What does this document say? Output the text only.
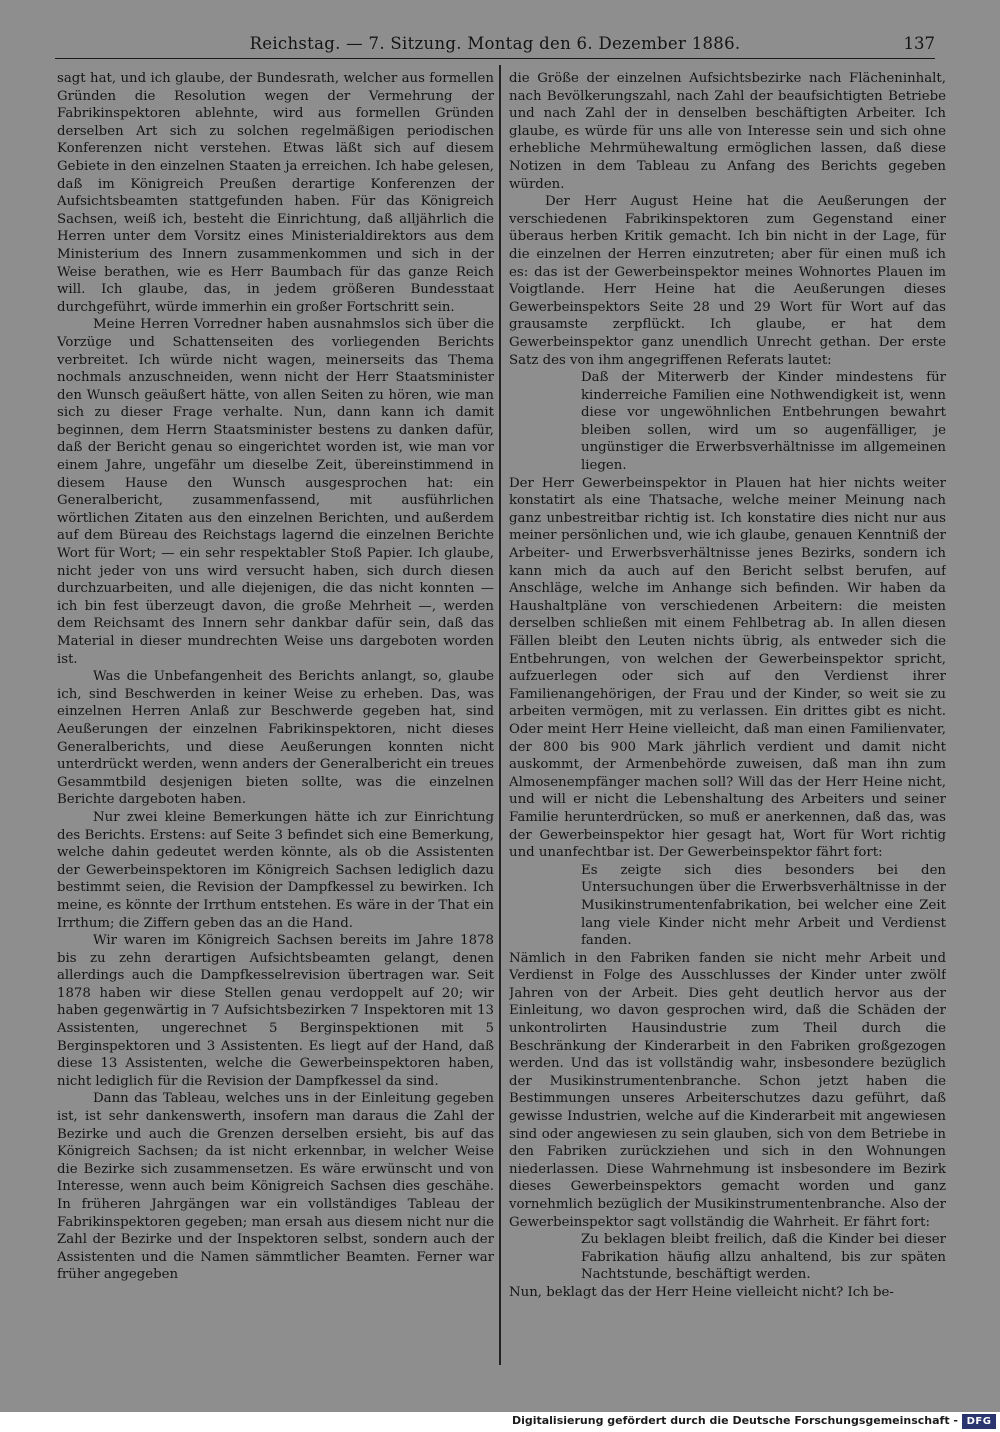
Reichstag. — 7. Sitzung. Montag den 6. Dezember 1886.	137

sagt hat, und ich glaube, der Bundesrath, welcher aus formellen Gründen die Resolution wegen der Vermehrung der Fabrikinspektoren ablehnte, wird aus formellen Gründen derselben Art sich zu solchen regelmäßigen periodischen Konferenzen nicht verstehen. Etwas läßt sich auf diesem Gebiete in den einzelnen Staaten ja erreichen. Ich habe gelesen, daß im Königreich Preußen derartige Konferenzen der Aufsichtsbeamten stattgefunden haben. Für das Königreich Sachsen, weiß ich, besteht die Einrichtung, daß alljährlich die Herren unter dem Vorsitz eines Ministerialdirektors aus dem Ministerium des Innern zusammenkommen und sich in der Weise berathen, wie es Herr Baumbach für das ganze Reich will. Ich glaube, das, in jedem größeren Bundesstaat durchgeführt, würde immerhin ein großer Fortschritt sein.

Meine Herren Vorredner haben ausnahmslos sich über die Vorzüge und Schattenseiten des vorliegenden Berichts verbreitet. Ich würde nicht wagen, meinerseits das Thema nochmals anzuschneiden, wenn nicht der Herr Staatsminister den Wunsch geäußert hätte, von allen Seiten zu hören, wie man sich zu dieser Frage verhalte. Nun, dann kann ich damit beginnen, dem Herrn Staatsminister bestens zu danken dafür, daß der Bericht genau so eingerichtet worden ist, wie man vor einem Jahre, ungefähr um dieselbe Zeit, übereinstimmend in diesem Hause den Wunsch ausgesprochen hat: ein Generalbericht, zusammenfassend, mit ausführlichen wörtlichen Zitaten aus den einzelnen Berichten, und außerdem auf dem Büreau des Reichstags lagernd die einzelnen Berichte Wort für Wort; — ein sehr respektabler Stoß Papier. Ich glaube, nicht jeder von uns wird versucht haben, sich durch diesen durchzuarbeiten, und alle diejenigen, die das nicht konnten — ich bin fest überzeugt davon, die große Mehrheit —, werden dem Reichsamt des Innern sehr dankbar dafür sein, daß das Material in dieser mundrechten Weise uns dargeboten worden ist.

Was die Unbefangenheit des Berichts anlangt, so, glaube ich, sind Beschwerden in keiner Weise zu erheben. Das, was einzelnen Herren Anlaß zur Beschwerde gegeben hat, sind Aeußerungen der einzelnen Fabrikinspektoren, nicht dieses Generalberichts, und diese Aeußerungen konnten nicht unterdrückt werden, wenn anders der Generalbericht ein treues Gesammtbild desjenigen bieten sollte, was die einzelnen Berichte dargeboten haben.

Nur zwei kleine Bemerkungen hätte ich zur Einrichtung des Berichts. Erstens: auf Seite 3 befindet sich eine Bemerkung, welche dahin gedeutet werden könnte, als ob die Assistenten der Gewerbeinspektoren im Königreich Sachsen lediglich dazu bestimmt seien, die Revision der Dampfkessel zu bewirken. Ich meine, es könnte der Irrthum entstehen. Es wäre in der That ein Irrthum; die Ziffern geben das an die Hand.

Wir waren im Königreich Sachsen bereits im Jahre 1878 bis zu zehn derartigen Aufsichtsbeamten gelangt, denen allerdings auch die Dampfkesselrevision übertragen war. Seit 1878 haben wir diese Stellen genau verdoppelt auf 20; wir haben gegenwärtig in 7 Aufsichtsbezirken 7 Inspektoren mit 13 Assistenten, ungerechnet 5 Berginspektionen mit 5 Berginspektoren und 3 Assistenten. Es liegt auf der Hand, daß diese 13 Assistenten, welche die Gewerbeinspektoren haben, nicht lediglich für die Revision der Dampfkessel da sind.

Dann das Tableau, welches uns in der Einleitung gegeben ist, ist sehr dankenswerth, insofern man daraus die Zahl der Bezirke und auch die Grenzen derselben ersieht, bis auf das Königreich Sachsen; da ist nicht erkennbar, in welcher Weise die Bezirke sich zusammensetzen. Es wäre erwünscht und von Interesse, wenn auch beim Königreich Sachsen dies geschähe. In früheren Jahrgängen war ein vollständiges Tableau der Fabrikinspektoren gegeben; man ersah aus diesem nicht nur die Zahl der Bezirke und der Inspektoren selbst, sondern auch der Assistenten und die Namen sämmtlicher Beamten. Ferner war früher angegeben

die Größe der einzelnen Aufsichtsbezirke nach Flächeninhalt, nach Bevölkerungszahl, nach Zahl der beaufsichtigten Betriebe und nach Zahl der in denselben beschäftigten Arbeiter. Ich glaube, es würde für uns alle von Interesse sein und sich ohne erhebliche Mehrmühewaltung ermöglichen lassen, daß diese Notizen in dem Tableau zu Anfang des Berichts gegeben würden.

Der Herr August Heine hat die Aeußerungen der verschiedenen Fabrikinspektoren zum Gegenstand einer überaus herben Kritik gemacht. Ich bin nicht in der Lage, für die einzelnen der Herren einzutreten; aber für einen muß ich es: das ist der Gewerbeinspektor meines Wohnortes Plauen im Voigtlande. Herr Heine hat die Aeußerungen dieses Gewerbeinspektors Seite 28 und 29 Wort für Wort auf das grausamste zerpflückt. Ich glaube, er hat dem Gewerbeinspektor ganz unendlich Unrecht gethan. Der erste Satz des von ihm angegriffenen Referats lautet:

Daß der Miterwerb der Kinder mindestens für kinderreiche Familien eine Nothwendigkeit ist, wenn diese vor ungewöhnlichen Entbehrungen bewahrt bleiben sollen, wird um so augenfälliger, je ungünstiger die Erwerbsverhältnisse im allgemeinen liegen.

Der Herr Gewerbeinspektor in Plauen hat hier nichts weiter konstatirt als eine Thatsache, welche meiner Meinung nach ganz unbestreitbar richtig ist. Ich konstatire dies nicht nur aus meiner persönlichen und, wie ich glaube, genauen Kenntniß der Arbeiter- und Erwerbsverhältnisse jenes Bezirks, sondern ich kann mich da auch auf den Bericht selbst berufen, auf Anschläge, welche im Anhange sich befinden. Wir haben da Haushaltpläne von verschiedenen Arbeitern: die meisten derselben schließen mit einem Fehlbetrag ab. In allen diesen Fällen bleibt den Leuten nichts übrig, als entweder sich die Entbehrungen, von welchen der Gewerbeinspektor spricht, aufzuerlegen oder sich auf den Verdienst ihrer Familienangehörigen, der Frau und der Kinder, so weit sie zu arbeiten vermögen, mit zu verlassen. Ein drittes gibt es nicht. Oder meint Herr Heine vielleicht, daß man einen Familienvater, der 800 bis 900 Mark jährlich verdient und damit nicht auskommt, der Armenbehörde zuweisen, daß man ihn zum Almosenempfänger machen soll? Will das der Herr Heine nicht, und will er nicht die Lebenshaltung des Arbeiters und seiner Familie herunterdrücken, so muß er anerkennen, daß das, was der Gewerbeinspektor hier gesagt hat, Wort für Wort richtig und unanfechtbar ist. Der Gewerbeinspektor fährt fort:

Es zeigte sich dies besonders bei den Untersuchungen über die Erwerbsverhältnisse in der Musikinstrumentenfabrikation, bei welcher eine Zeit lang viele Kinder nicht mehr Arbeit und Verdienst fanden.

Nämlich in den Fabriken fanden sie nicht mehr Arbeit und Verdienst in Folge des Ausschlusses der Kinder unter zwölf Jahren von der Arbeit. Dies geht deutlich hervor aus der Einleitung, wo davon gesprochen wird, daß die Schäden der unkontrolirten Hausindustrie zum Theil durch die Beschränkung der Kinderarbeit in den Fabriken großgezogen werden. Und das ist vollständig wahr, insbesondere bezüglich der Musikinstrumentenbranche. Schon jetzt haben die Bestimmungen unseres Arbeiterschutzes dazu geführt, daß gewisse Industrien, welche auf die Kinderarbeit mit angewiesen sind oder angewiesen zu sein glauben, sich von dem Betriebe in den Fabriken zurückziehen und sich in den Wohnungen niederlassen. Diese Wahrnehmung ist insbesondere im Bezirk dieses Gewerbeinspektors gemacht worden und ganz vornehmlich bezüglich der Musikinstrumentenbranche. Also der Gewerbeinspektor sagt vollständig die Wahrheit. Er fährt fort:

Zu beklagen bleibt freilich, daß die Kinder bei dieser Fabrikation häufig allzu anhaltend, bis zur späten Nachtstunde, beschäftigt werden.

Nun, beklagt das der Herr Heine vielleicht nicht? Ich be-

Digitalisierung gefördert durch die Deutsche Forschungsgemeinschaft - DFG
